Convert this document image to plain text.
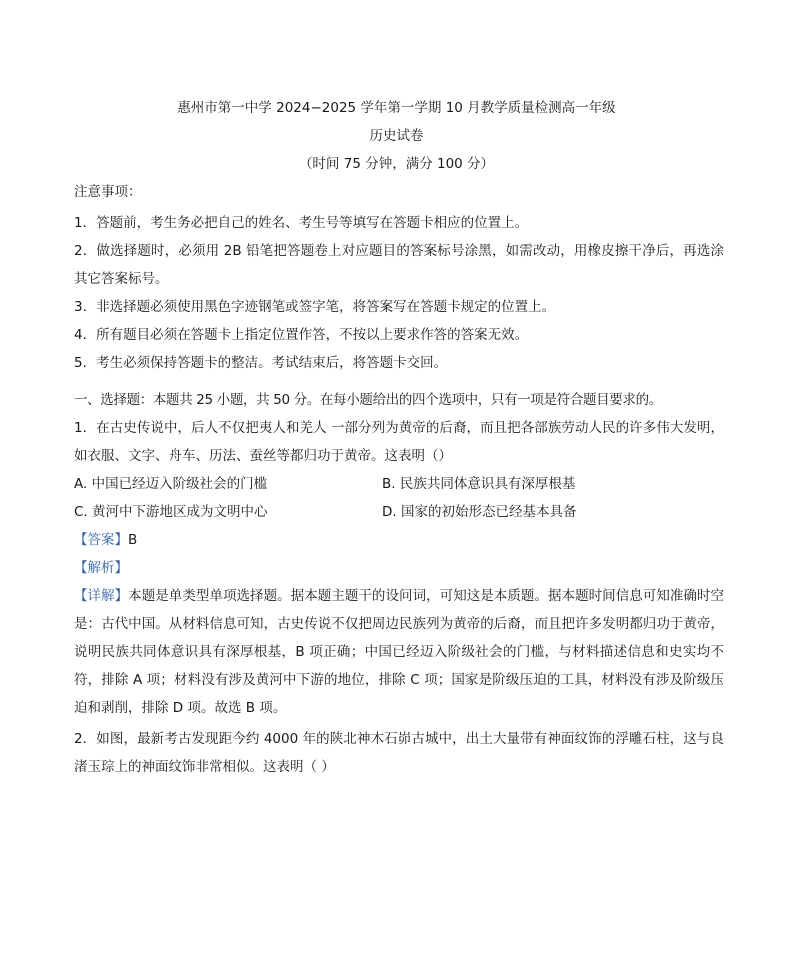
惠州市第一中学 2024−2025 学年第一学期 10 月教学质量检测高一年级
历史试卷
（时间 75 分钟，满分 100 分）

注意事项：

1．答题前，考生务必把自己的姓名、考生号等填写在答题卡相应的位置上。

2．做选择题时，必须用 2B 铅笔把答题卷上对应题目的答案标号涂黑，如需改动，用橡皮擦干净后，再选涂其它答案标号。

3．非选择题必须使用黑色字迹钢笔或签字笔，将答案写在答题卡规定的位置上。

4．所有题目必须在答题卡上指定位置作答，不按以上要求作答的答案无效。

5．考生必须保持答题卡的整洁。考试结束后，将答题卡交回。

一、选择题：本题共 25 小题，共 50 分。在每小题给出的四个选项中，只有一项是符合题目要求的。

1．在古史传说中，后人不仅把夷人和羌人 一部分列为黄帝的后裔，而且把各部族劳动人民的许多伟大发明，如衣服、文字、舟车、历法、蚕丝等都归功于黄帝。这表明（）

A. 中国已经迈入阶级社会的门槛	B. 民族共同体意识具有深厚根基
C. 黄河中下游地区成为文明中心	D. 国家的初始形态已经基本具备

【答案】B

【解析】

【详解】本题是单类型单项选择题。据本题主题干的设问词，可知这是本质题。据本题时间信息可知准确时空是：古代中国。从材料信息可知，古史传说不仅把周边民族列为黄帝的后裔，而且把许多发明都归功于黄帝，说明民族共同体意识具有深厚根基，B 项正确；中国已经迈入阶级社会的门槛，与材料描述信息和史实均不符，排除 A 项；材料没有涉及黄河中下游的地位，排除 C 项；国家是阶级压迫的工具，材料没有涉及阶级压迫和剥削，排除 D 项。故选 B 项。

2．如图，最新考古发现距今约 4000 年的陕北神木石峁古城中，出土大量带有神面纹饰的浮雕石柱，这与良渚玉琮上的神面纹饰非常相似。这表明（ ）
